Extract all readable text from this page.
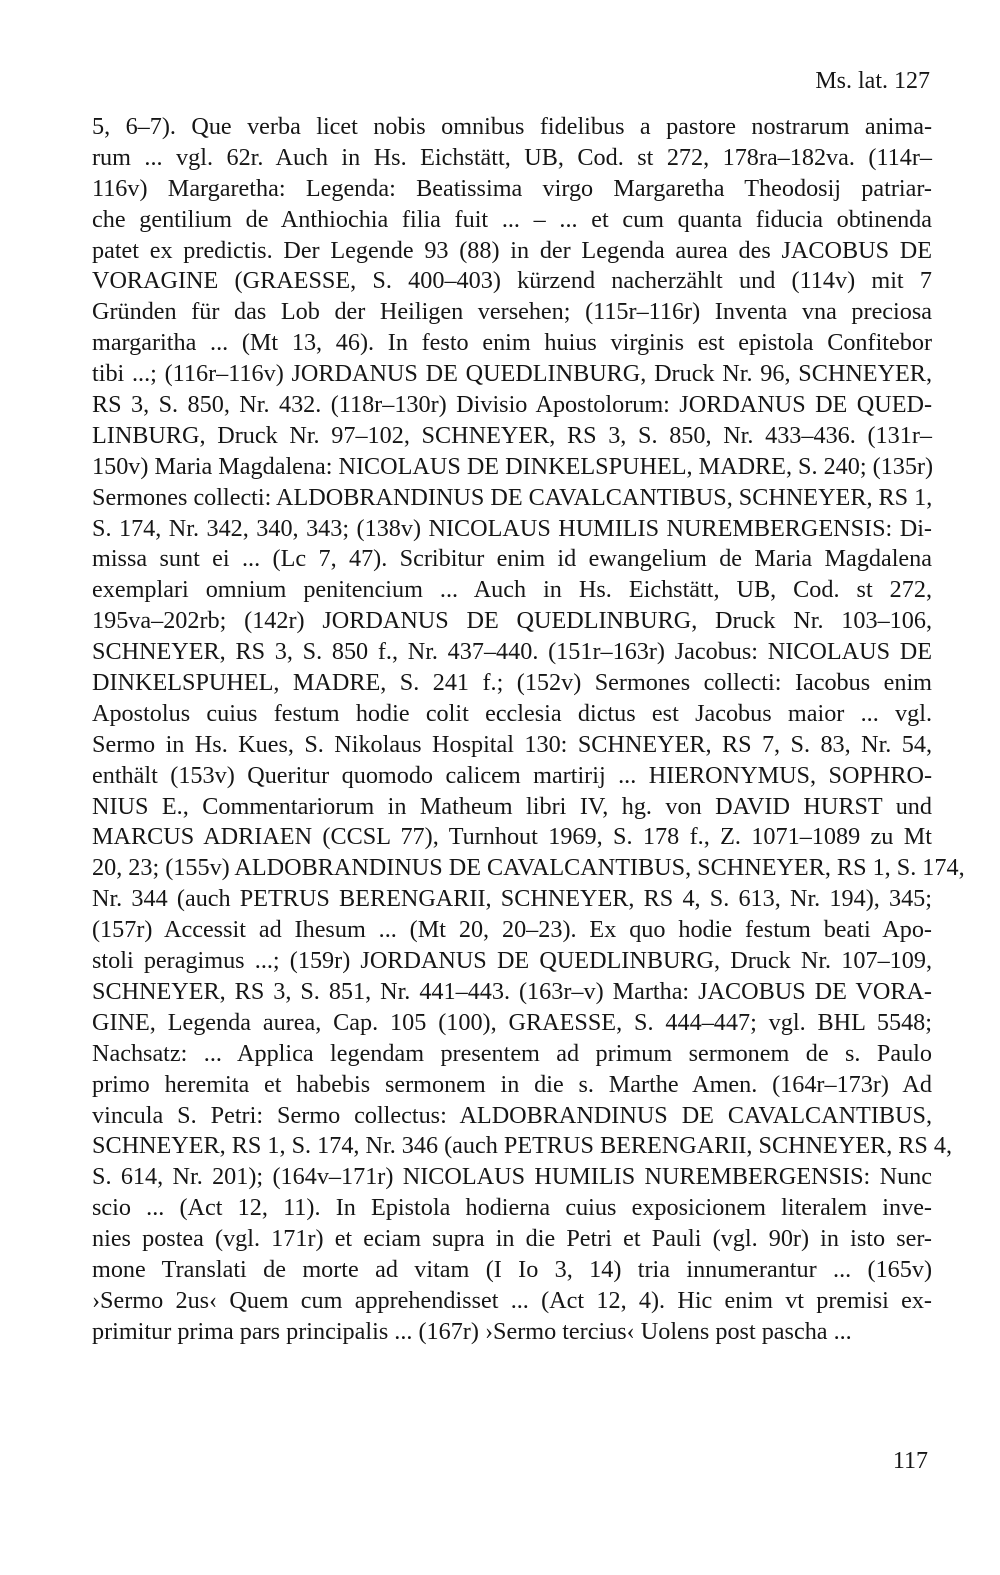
Ms. lat. 127
5, 6–7). Que verba licet nobis omnibus fidelibus a pastore nostrarum anima-
rum ... vgl. 62r. Auch in Hs. Eichstätt, UB, Cod. st 272, 178ra–182va. (114r–
116v) Margaretha: Legenda: Beatissima virgo Margaretha Theodosij patriar-
che gentilium de Anthiochia filia fuit ... – ... et cum quanta fiducia obtinenda
patet ex predictis. Der Legende 93 (88) in der Legenda aurea des JACOBUS DE
VORAGINE (GRAESSE, S. 400–403) kürzend nacherzählt und (114v) mit 7
Gründen für das Lob der Heiligen versehen; (115r–116r) Inventa vna preciosa
margaritha ... (Mt 13, 46). In festo enim huius virginis est epistola Confitebor
tibi ...; (116r–116v) JORDANUS DE QUEDLINBURG, Druck Nr. 96, SCHNEYER,
RS 3, S. 850, Nr. 432. (118r–130r) Divisio Apostolorum: JORDANUS DE QUED-
LINBURG, Druck Nr. 97–102, SCHNEYER, RS 3, S. 850, Nr. 433–436. (131r–
150v) Maria Magdalena: NICOLAUS DE DINKELSPUHEL, MADRE, S. 240; (135r)
Sermones collecti: ALDOBRANDINUS DE CAVALCANTIBUS, SCHNEYER, RS 1,
S. 174, Nr. 342, 340, 343; (138v) NICOLAUS HUMILIS NUREMBERGENSIS: Di-
missa sunt ei ... (Lc 7, 47). Scribitur enim id ewangelium de Maria Magdalena
exemplari omnium penitencium ... Auch in Hs. Eichstätt, UB, Cod. st 272,
195va–202rb; (142r) JORDANUS DE QUEDLINBURG, Druck Nr. 103–106,
SCHNEYER, RS 3, S. 850 f., Nr. 437–440. (151r–163r) Jacobus: NICOLAUS DE
DINKELSPUHEL, MADRE, S. 241 f.; (152v) Sermones collecti: Iacobus enim
Apostolus cuius festum hodie colit ecclesia dictus est Jacobus maior ... vgl.
Sermo in Hs. Kues, S. Nikolaus Hospital 130: SCHNEYER, RS 7, S. 83, Nr. 54,
enthält (153v) Queritur quomodo calicem martirij ... HIERONYMUS, SOPHRO-
NIUS E., Commentariorum in Matheum libri IV, hg. von DAVID HURST und
MARCUS ADRIAEN (CCSL 77), Turnhout 1969, S. 178 f., Z. 1071–1089 zu Mt
20, 23; (155v) ALDOBRANDINUS DE CAVALCANTIBUS, SCHNEYER, RS 1, S. 174,
Nr. 344 (auch PETRUS BERENGARII, SCHNEYER, RS 4, S. 613, Nr. 194), 345;
(157r) Accessit ad Ihesum ... (Mt 20, 20–23). Ex quo hodie festum beati Apo-
stoli peragimus ...; (159r) JORDANUS DE QUEDLINBURG, Druck Nr. 107–109,
SCHNEYER, RS 3, S. 851, Nr. 441–443. (163r–v) Martha: JACOBUS DE VORA-
GINE, Legenda aurea, Cap. 105 (100), GRAESSE, S. 444–447; vgl. BHL 5548;
Nachsatz: ... Applica legendam presentem ad primum sermonem de s. Paulo
primo heremita et habebis sermonem in die s. Marthe Amen. (164r–173r) Ad
vincula S. Petri: Sermo collectus: ALDOBRANDINUS DE CAVALCANTIBUS,
SCHNEYER, RS 1, S. 174, Nr. 346 (auch PETRUS BERENGARII, SCHNEYER, RS 4,
S. 614, Nr. 201); (164v–171r) NICOLAUS HUMILIS NUREMBERGENSIS: Nunc
scio ... (Act 12, 11). In Epistola hodierna cuius exposicionem literalem inve-
nies postea (vgl. 171r) et eciam supra in die Petri et Pauli (vgl. 90r) in isto ser-
mone Translati de morte ad vitam (I Io 3, 14) tria innumerantur ... (165v)
›Sermo 2us‹ Quem cum apprehendisset ... (Act 12, 4). Hic enim vt premisi ex-
primitur prima pars principalis ... (167r) ›Sermo tercius‹ Uolens post pascha ...
117
